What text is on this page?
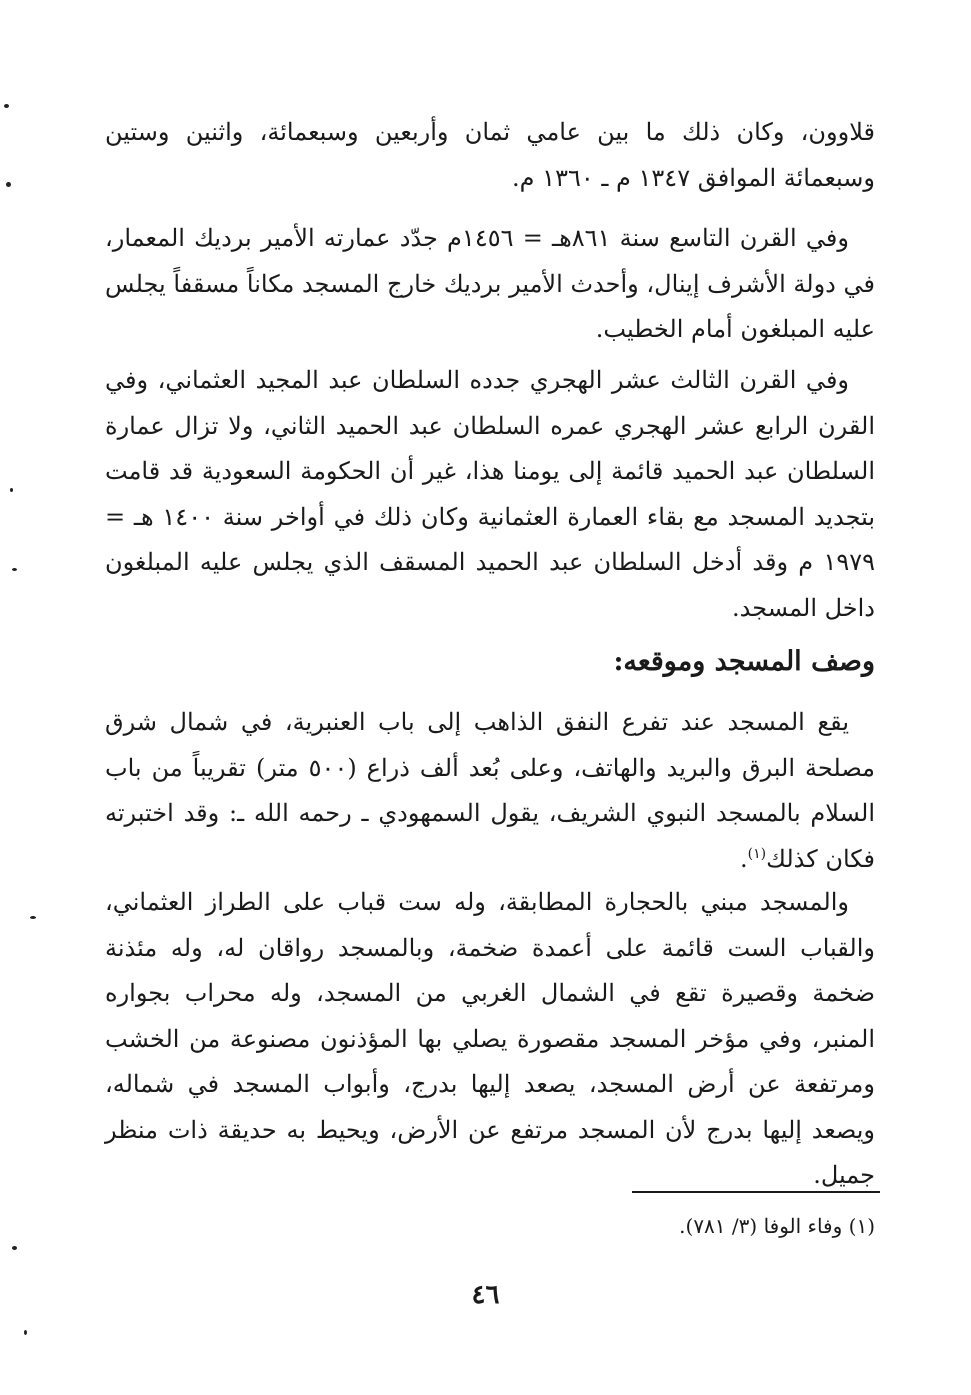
قلاوون، وكان ذلك ما بين عامي ثمان وأربعين وسبعمائة، واثنين وستين وسبعمائة الموافق ١٣٤٧ م ـ ١٣٦٠ م.

وفي القرن التاسع سنة ٨٦١هـ = ١٤٥٦م جدّد عمارته الأمير برديك المعمار، في دولة الأشرف إينال، وأحدث الأمير برديك خارج المسجد مكاناً مسقفاً يجلس عليه المبلغون أمام الخطيب.

وفي القرن الثالث عشر الهجري جدده السلطان عبد المجيد العثماني، وفي القرن الرابع عشر الهجري عمره السلطان عبد الحميد الثاني، ولا تزال عمارة السلطان عبد الحميد قائمة إلى يومنا هذا، غير أن الحكومة السعودية قد قامت بتجديد المسجد مع بقاء العمارة العثمانية وكان ذلك في أواخر سنة ١٤٠٠ هـ = ١٩٧٩ م وقد أدخل السلطان عبد الحميد المسقف الذي يجلس عليه المبلغون داخل المسجد.

وصف المسجد وموقعه:

يقع المسجد عند تفرع النفق الذاهب إلى باب العنبرية، في شمال شرق مصلحة البرق والبريد والهاتف، وعلى بُعد ألف ذراع (٥٠٠ متر) تقريباً من باب السلام بالمسجد النبوي الشريف، يقول السمهودي ـ رحمه الله ـ: وقد اختبرته فكان كذلك$^{(١)}$.

والمسجد مبني بالحجارة المطابقة، وله ست قباب على الطراز العثماني، والقباب الست قائمة على أعمدة ضخمة، وبالمسجد رواقان له، وله مئذنة ضخمة وقصيرة تقع في الشمال الغربي من المسجد، وله محراب بجواره المنبر، وفي مؤخر المسجد مقصورة يصلي بها المؤذنون مصنوعة من الخشب ومرتفعة عن أرض المسجد، يصعد إليها بدرج، وأبواب المسجد في شماله، ويصعد إليها بدرج لأن المسجد مرتفع عن الأرض، ويحيط به حديقة ذات منظر جميل.

(١) وفاء الوفا (٣/ ٧٨١).
٤٦
